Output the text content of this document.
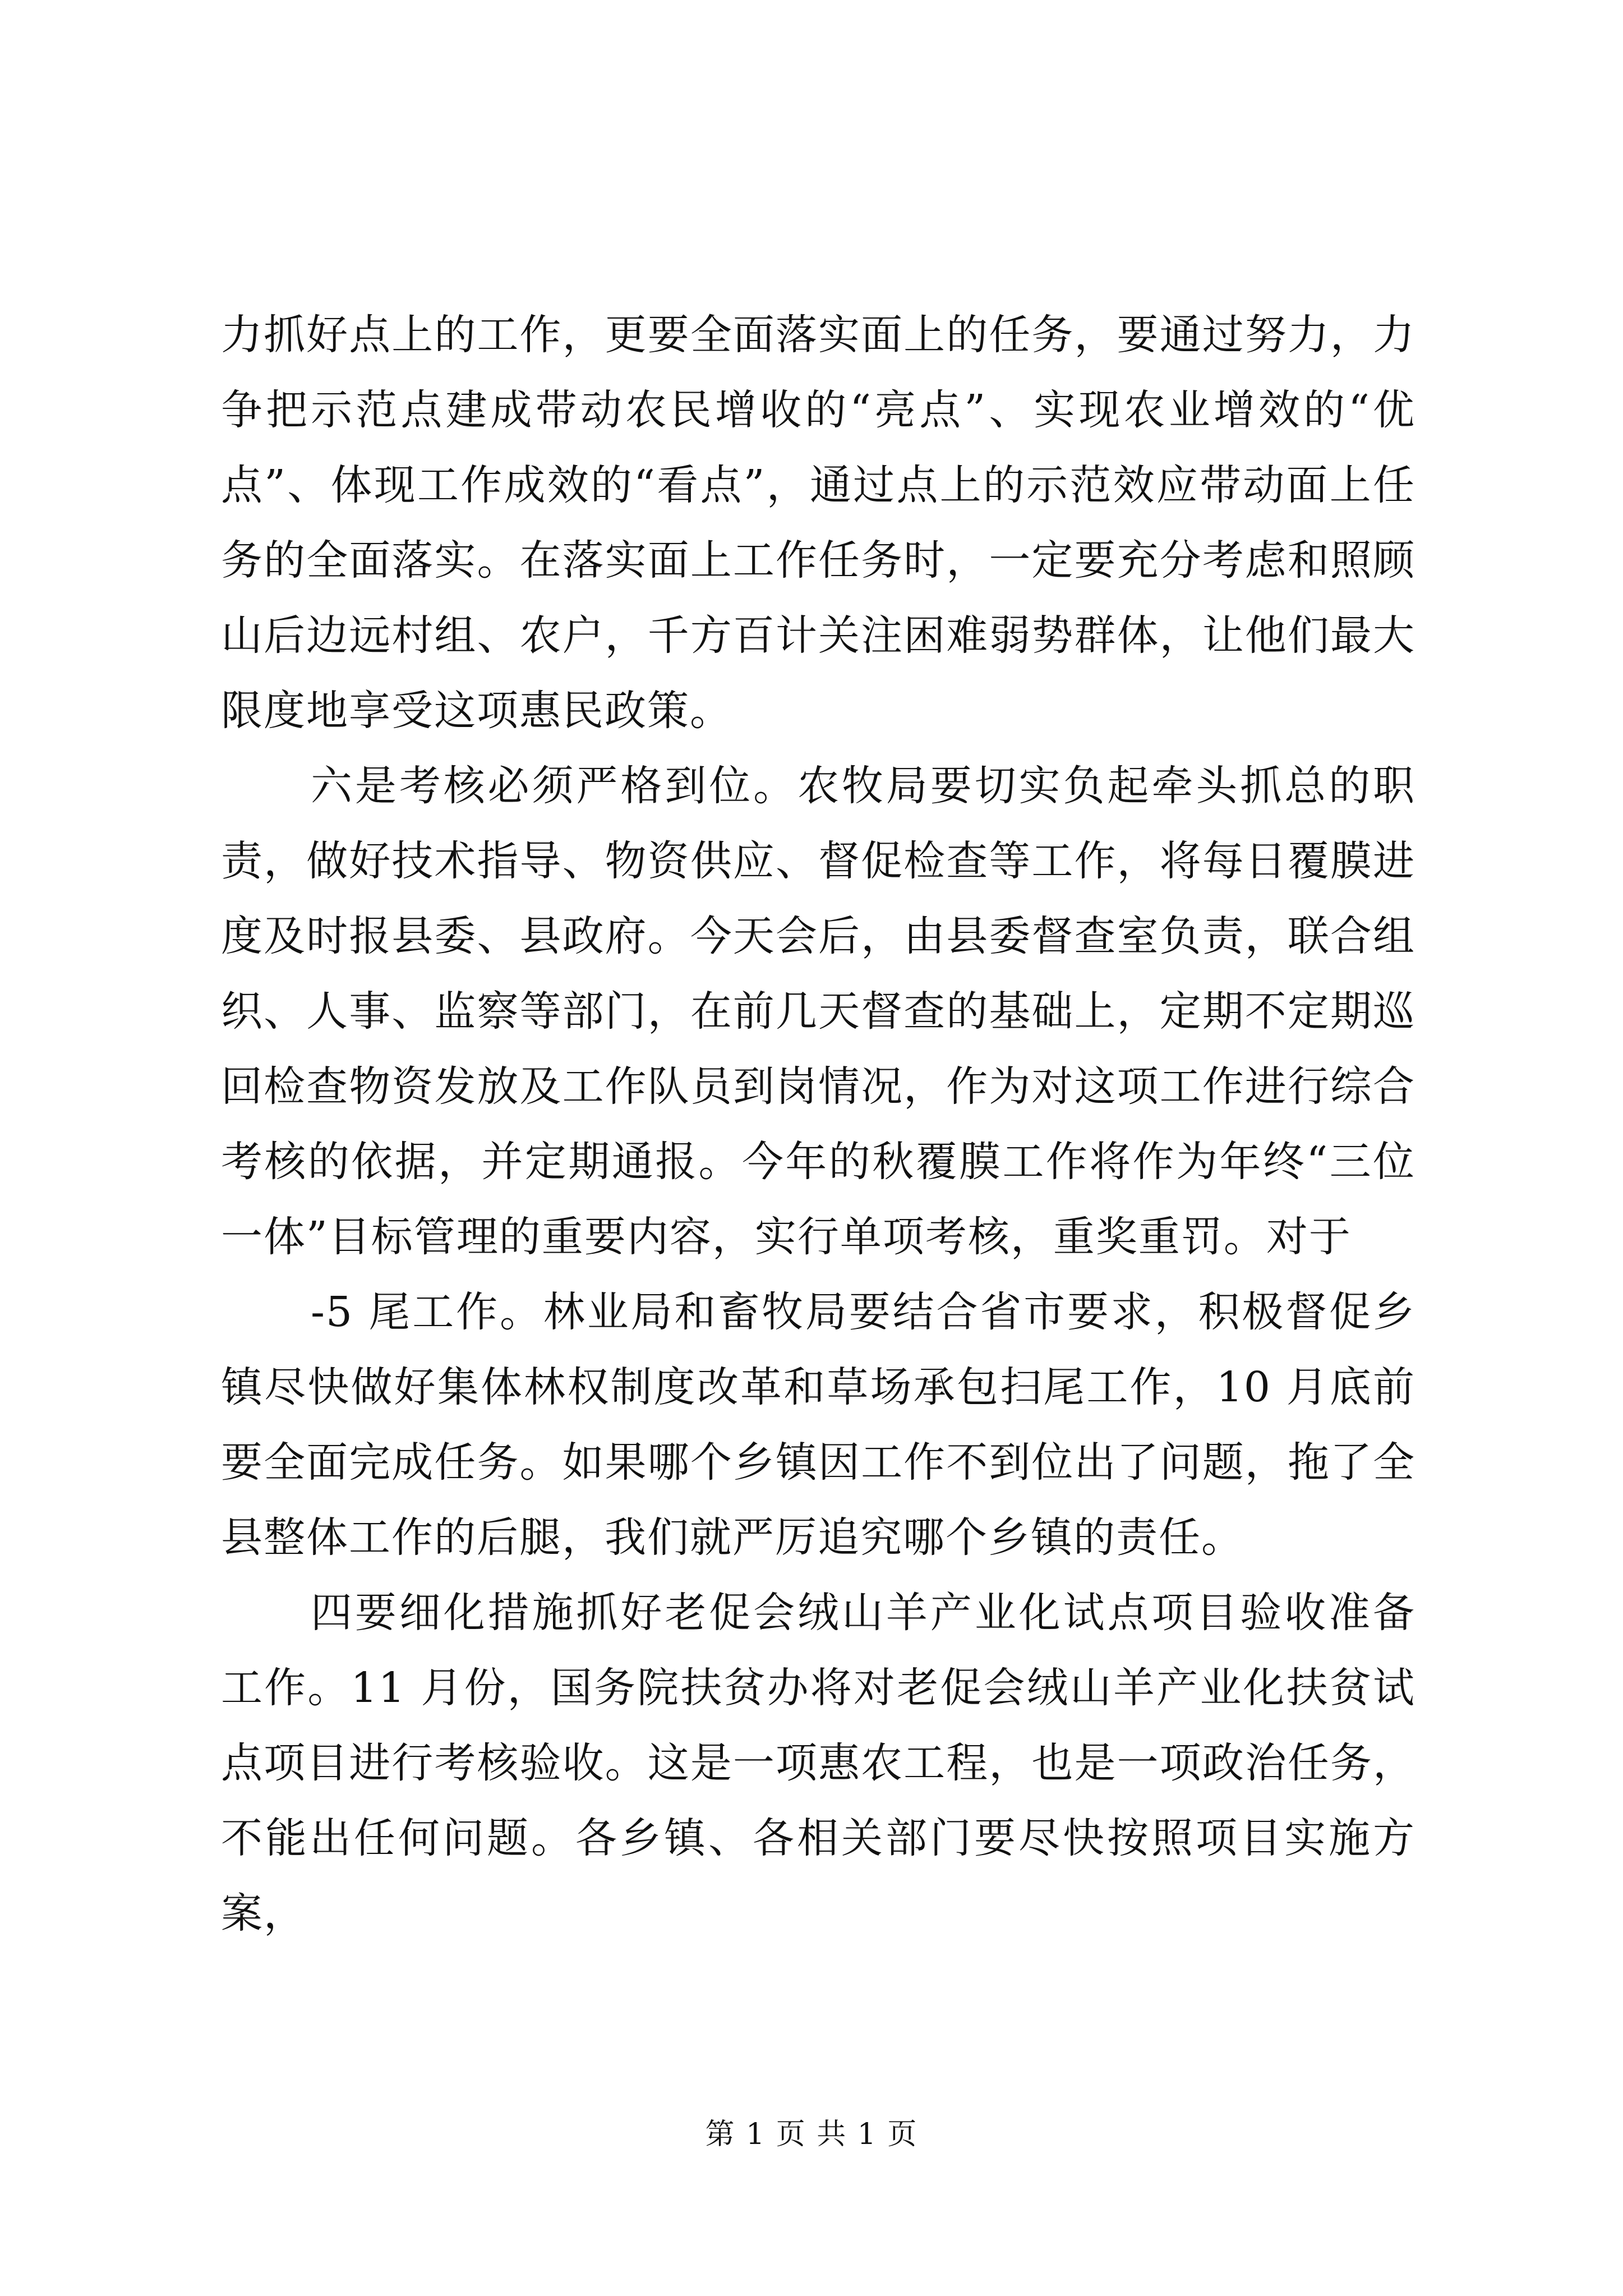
力抓好点上的工作，更要全面落实面上的任务，要通过努力，力争把示范点建成带动农民增收的“亮点”、实现农业增效的“优点”、体现工作成效的“看点”，通过点上的示范效应带动面上任务的全面落实。在落实面上工作任务时，一定要充分考虑和照顾山后边远村组、农户，千方百计关注困难弱势群体，让他们最大限度地享受这项惠民政策。

六是考核必须严格到位。农牧局要切实负起牵头抓总的职责，做好技术指导、物资供应、督促检查等工作，将每日覆膜进度及时报县委、县政府。今天会后，由县委督查室负责，联合组织、人事、监察等部门，在前几天督查的基础上，定期不定期巡回检查物资发放及工作队员到岗情况，作为对这项工作进行综合考核的依据，并定期通报。今年的秋覆膜工作将作为年终“三位一体”目标管理的重要内容，实行单项考核，重奖重罚。对于

-5 尾工作。林业局和畜牧局要结合省市要求，积极督促乡镇尽快做好集体林权制度改革和草场承包扫尾工作，10 月底前要全面完成任务。如果哪个乡镇因工作不到位出了问题，拖了全县整体工作的后腿，我们就严厉追究哪个乡镇的责任。

四要细化措施抓好老促会绒山羊产业化试点项目验收准备工作。11 月份，国务院扶贫办将对老促会绒山羊产业化扶贫试点项目进行考核验收。这是一项惠农工程，也是一项政治任务，不能出任何问题。各乡镇、各相关部门要尽快按照项目实施方案，

第 1 页 共 1 页
